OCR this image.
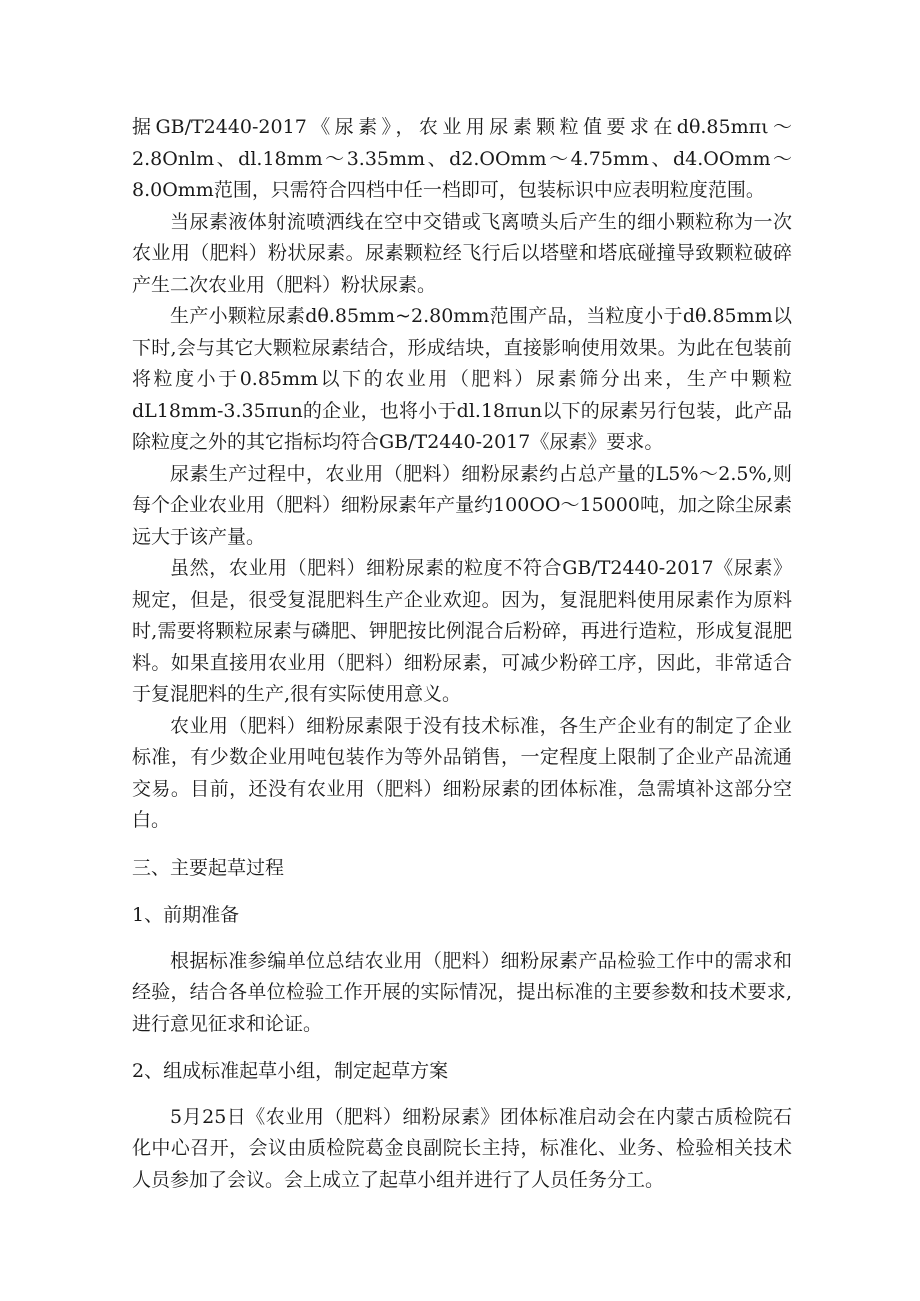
据GB/T2440-2017《尿素》，农业用尿素颗粒值要求在dθ.85mπι～2.8Onlm、dl.18mm～3.35mm、d2.OOmm～4.75mm、d4.OOmm～8.0Omm范围，只需符合四档中任一档即可，包装标识中应表明粒度范围。

当尿素液体射流喷洒线在空中交错或飞离喷头后产生的细小颗粒称为一次农业用（肥料）粉状尿素。尿素颗粒经飞行后以塔壁和塔底碰撞导致颗粒破碎产生二次农业用（肥料）粉状尿素。

生产小颗粒尿素dθ.85mm~2.80mm范围产品，当粒度小于dθ.85mm以下时,会与其它大颗粒尿素结合，形成结块，直接影响使用效果。为此在包装前将粒度小于0.85mm以下的农业用（肥料）尿素筛分出来，生产中颗粒dL18mm-3.35πun的企业，也将小于dl.18πun以下的尿素另行包装，此产品除粒度之外的其它指标均符合GB/T2440-2017《尿素》要求。

尿素生产过程中，农业用（肥料）细粉尿素约占总产量的L5%～2.5%,则每个企业农业用（肥料）细粉尿素年产量约100OO～15000吨，加之除尘尿素远大于该产量。

虽然，农业用（肥料）细粉尿素的粒度不符合GB/T2440-2017《尿素》规定，但是，很受复混肥料生产企业欢迎。因为，复混肥料使用尿素作为原料时,需要将颗粒尿素与磷肥、钾肥按比例混合后粉碎，再进行造粒，形成复混肥料。如果直接用农业用（肥料）细粉尿素，可减少粉碎工序，因此，非常适合于复混肥料的生产,很有实际使用意义。

农业用（肥料）细粉尿素限于没有技术标准，各生产企业有的制定了企业标准，有少数企业用吨包装作为等外品销售，一定程度上限制了企业产品流通交易。目前，还没有农业用（肥料）细粉尿素的团体标准，急需填补这部分空白。

三、主要起草过程

1、前期准备

根据标准参编单位总结农业用（肥料）细粉尿素产品检验工作中的需求和经验，结合各单位检验工作开展的实际情况，提出标准的主要参数和技术要求,进行意见征求和论证。

2、组成标准起草小组，制定起草方案

5月25日《农业用（肥料）细粉尿素》团体标准启动会在内蒙古质检院石化中心召开，会议由质检院葛金良副院长主持，标准化、业务、检验相关技术人员参加了会议。会上成立了起草小组并进行了人员任务分工。
